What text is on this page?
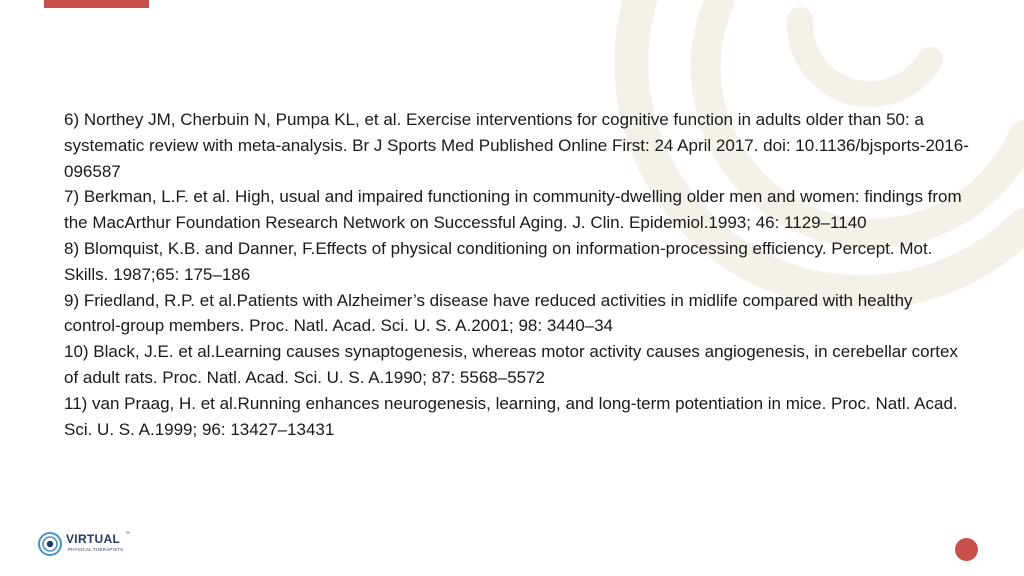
6) Northey JM, Cherbuin N, Pumpa KL, et al. Exercise interventions for cognitive function in adults older than 50: a systematic review with meta-analysis. Br J Sports Med Published Online First: 24 April 2017. doi: 10.1136/bjsports-2016-096587

7) Berkman, L.F. et al. High, usual and impaired functioning in community-dwelling older men and women: findings from the MacArthur Foundation Research Network on Successful Aging. J. Clin. Epidemiol.1993; 46: 1129–1140

8) Blomquist, K.B. and Danner, F.Effects of physical conditioning on information-processing efficiency. Percept. Mot. Skills. 1987;65: 175–186

9) Friedland, R.P. et al.Patients with Alzheimer’s disease have reduced activities in midlife compared with healthy control-group members. Proc. Natl. Acad. Sci. U. S. A.2001; 98: 3440–34

10) Black, J.E. et al.Learning causes synaptogenesis, whereas motor activity causes angiogenesis, in cerebellar cortex of adult rats. Proc. Natl. Acad. Sci. U. S. A.1990; 87: 5568–5572

11) van Praag, H. et al.Running enhances neurogenesis, learning, and long-term potentiation in mice. Proc. Natl. Acad. Sci. U. S. A.1999; 96: 13427–13431

VIRTUAL ™
PHYSICAL THERAPISTS
